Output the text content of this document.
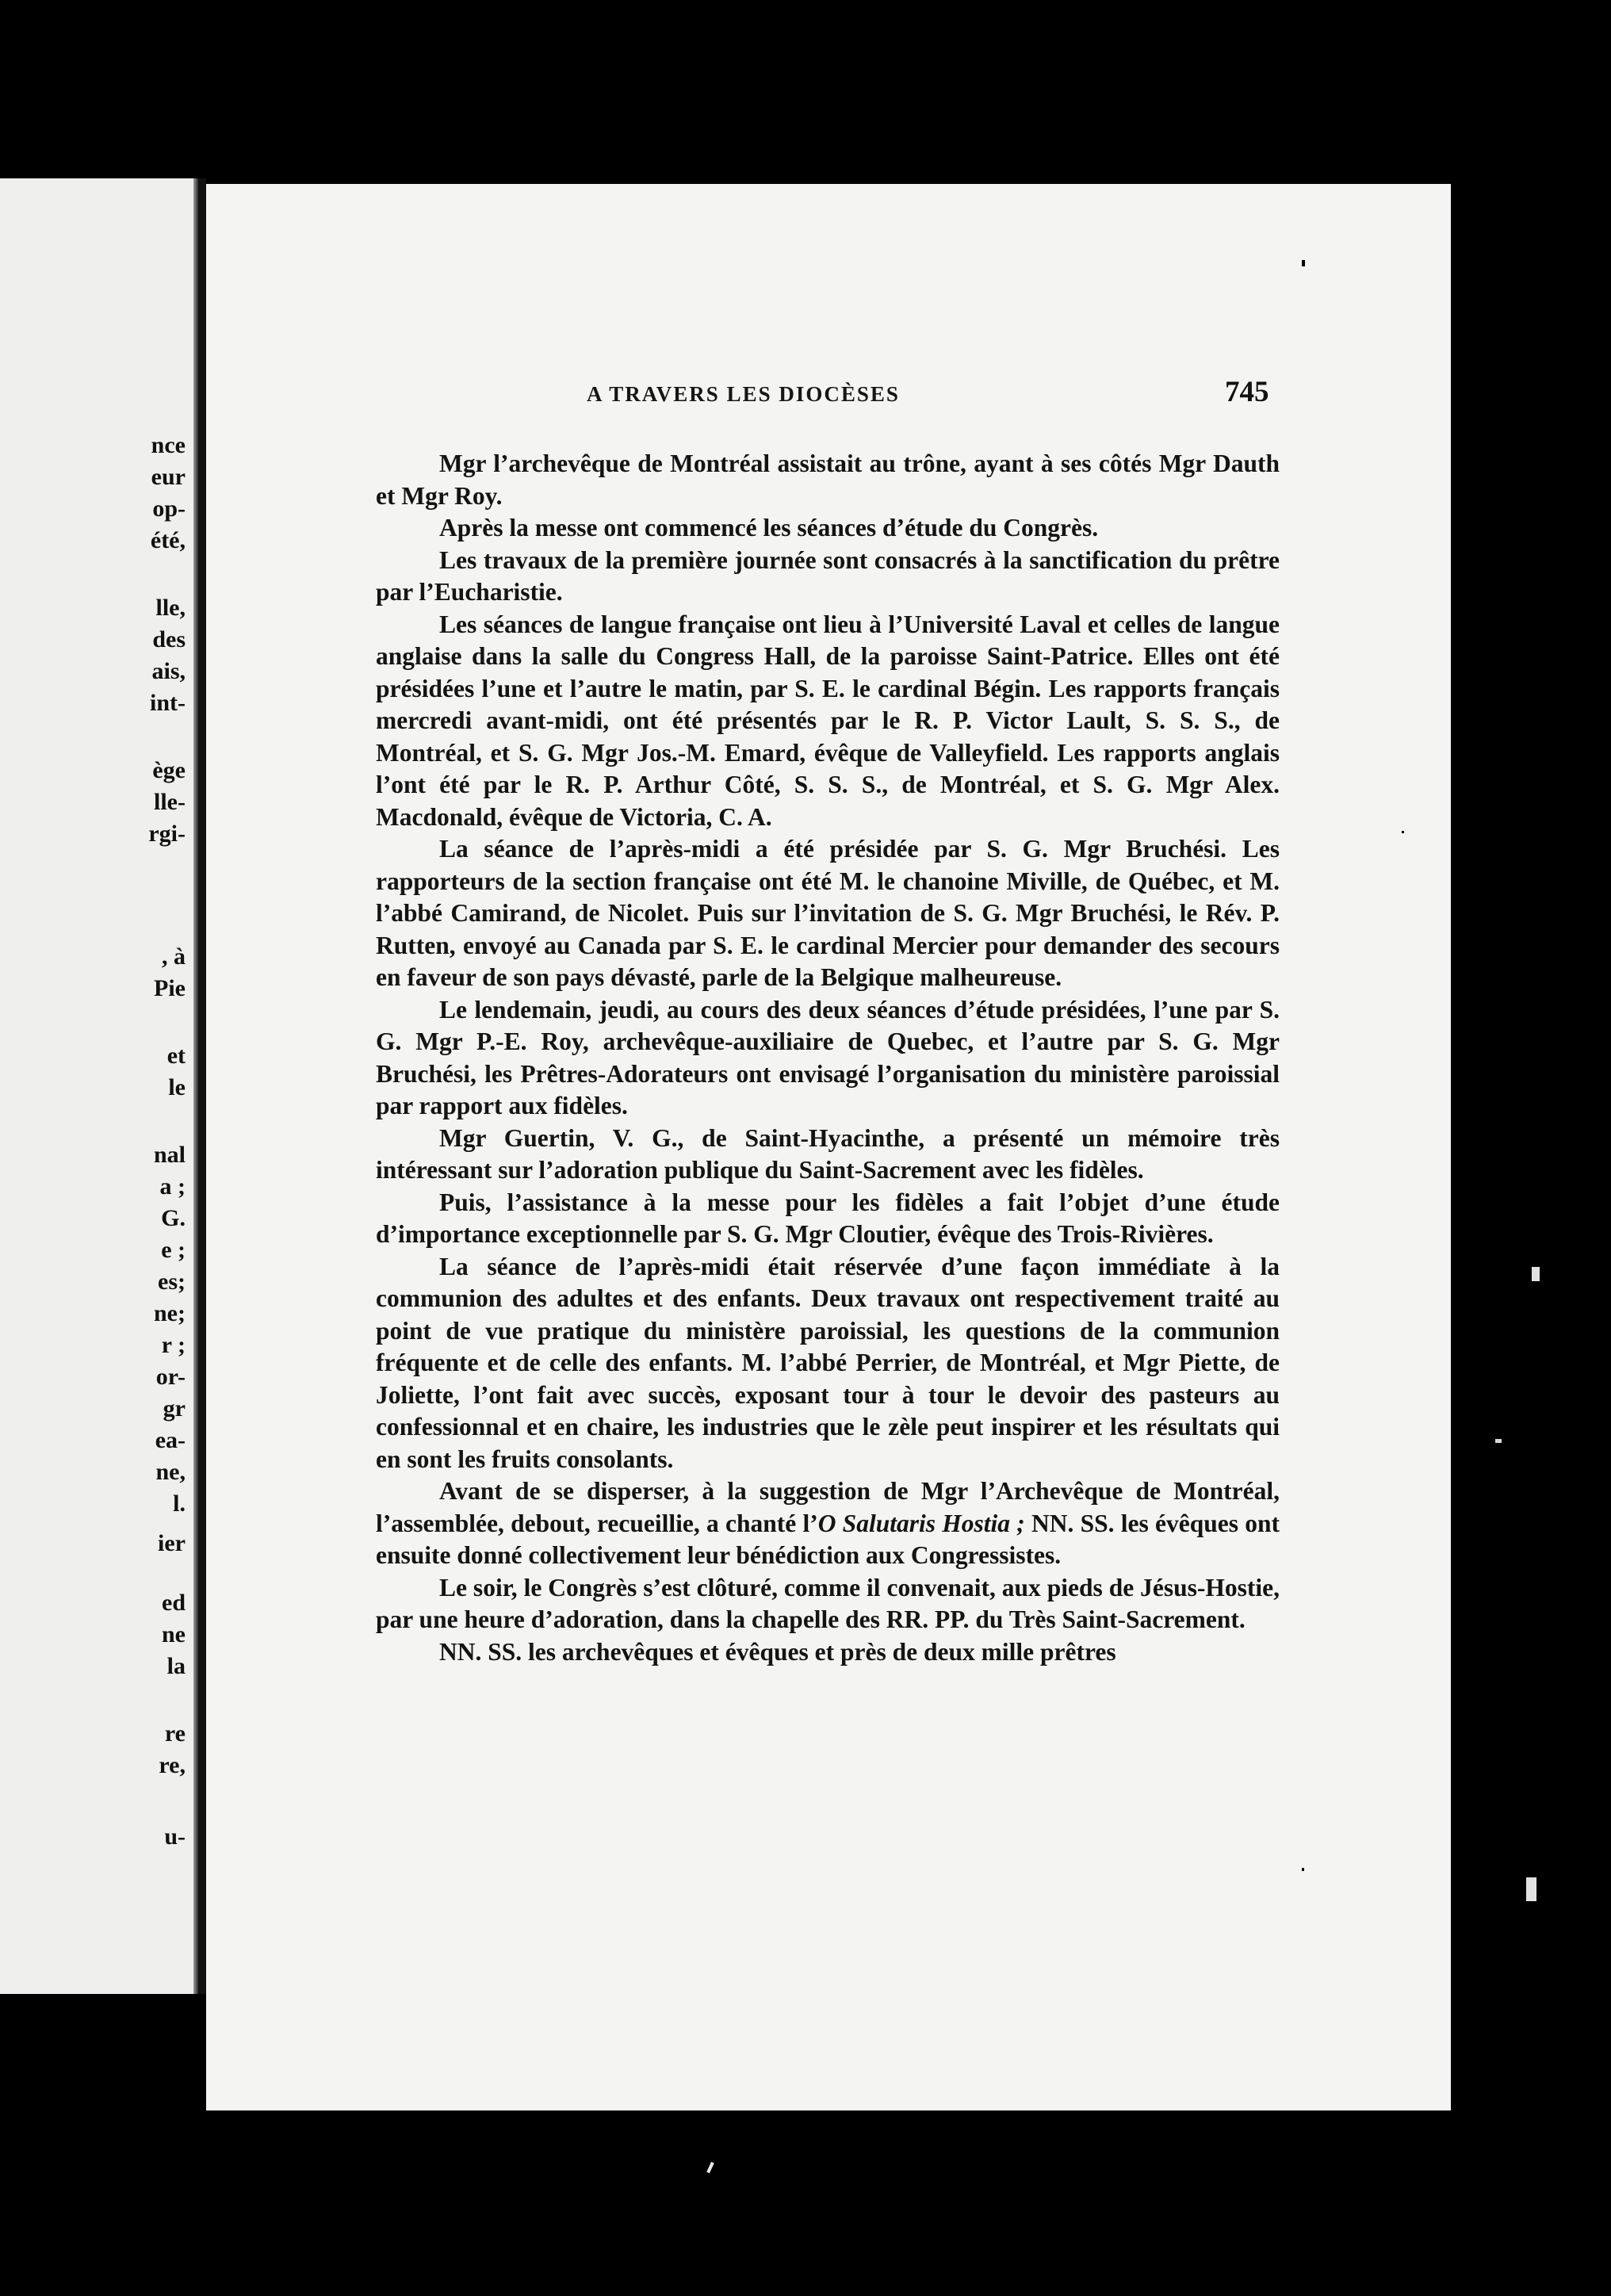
nce
eur
op-
été,
lle,
des
ais,
int-
ège
lle-
rgi-
, à
Pie
et
le
nal
a ;
G.
e ;
es;
ne;
r ;
or-
gr
ea-
ne,
l.
ier
ed
ne
la
re
re,
u-
A TRAVERS LES DIOCÈSES	745

Mgr l’archevêque de Montréal assistait au trône, ayant à ses côtés Mgr Dauth et Mgr Roy.

Après la messe ont commencé les séances d’étude du Congrès.

Les travaux de la première journée sont consacrés à la sanctification du prêtre par l’Eucharistie.

Les séances de langue française ont lieu à l’Université Laval et celles de langue anglaise dans la salle du Congress Hall, de la paroisse Saint-Patrice. Elles ont été présidées l’une et l’autre le matin, par S. E. le cardinal Bégin. Les rapports français mercredi avant-midi, ont été présentés par le R. P. Victor Lault, S. S. S., de Montréal, et S. G. Mgr Jos.-M. Emard, évêque de Valleyfield. Les rapports anglais l’ont été par le R. P. Arthur Côté, S. S. S., de Montréal, et S. G. Mgr Alex. Macdonald, évêque de Victoria, C. A.

La séance de l’après-midi a été présidée par S. G. Mgr Bruchési. Les rapporteurs de la section française ont été M. le chanoine Miville, de Québec, et M. l’abbé Camirand, de Nicolet. Puis sur l’invitation de S. G. Mgr Bruchési, le Rév. P. Rutten, envoyé au Canada par S. E. le cardinal Mercier pour demander des secours en faveur de son pays dévasté, parle de la Belgique malheureuse.

Le lendemain, jeudi, au cours des deux séances d’étude présidées, l’une par S. G. Mgr P.-E. Roy, archevêque-auxiliaire de Quebec, et l’autre par S. G. Mgr Bruchési, les Prêtres-Adorateurs ont envisagé l’organisation du ministère paroissial par rapport aux fidèles.

Mgr Guertin, V. G., de Saint-Hyacinthe, a présenté un mémoire très intéressant sur l’adoration publique du Saint-Sacrement avec les fidèles.

Puis, l’assistance à la messe pour les fidèles a fait l’objet d’une étude d’importance exceptionnelle par S. G. Mgr Cloutier, évêque des Trois-Rivières.

La séance de l’après-midi était réservée d’une façon immédiate à la communion des adultes et des enfants. Deux travaux ont respectivement traité au point de vue pratique du ministère paroissial, les questions de la communion fréquente et de celle des enfants. M. l’abbé Perrier, de Montréal, et Mgr Piette, de Joliette, l’ont fait avec succès, exposant tour à tour le devoir des pasteurs au confessionnal et en chaire, les industries que le zèle peut inspirer et les résultats qui en sont les fruits consolants.

Avant de se disperser, à la suggestion de Mgr l’Archevêque de Montréal, l’assemblée, debout, recueillie, a chanté l’O Salutaris Hostia ; NN. SS. les évêques ont ensuite donné collectivement leur bénédiction aux Congressistes.

Le soir, le Congrès s’est clôturé, comme il convenait, aux pieds de Jésus-Hostie, par une heure d’adoration, dans la chapelle des RR. PP. du Très Saint-Sacrement.

NN. SS. les archevêques et évêques et près de deux mille prêtres
